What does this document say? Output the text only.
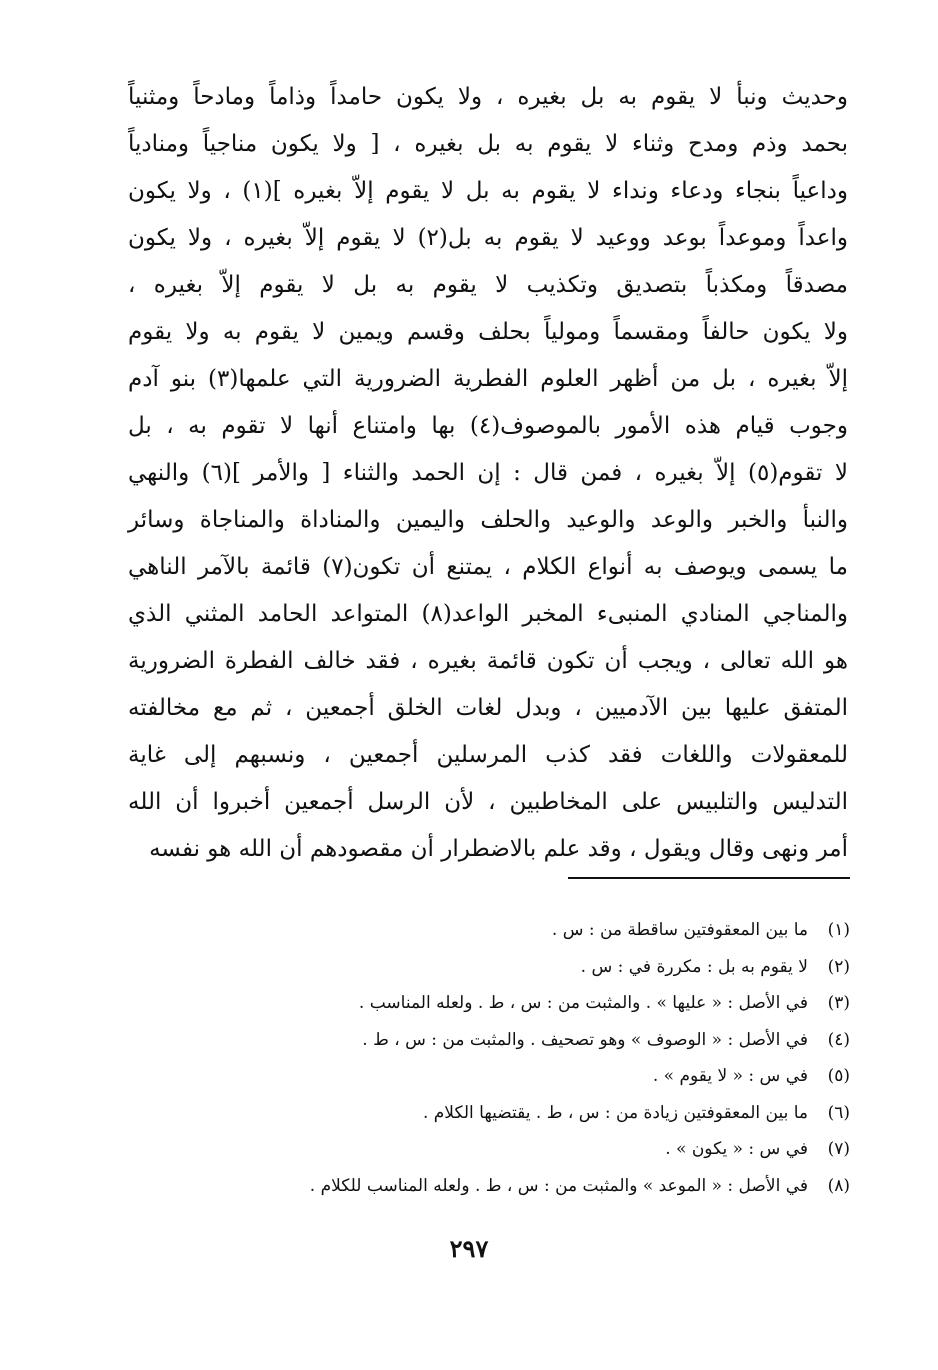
وحديث ونبأ لا يقوم به بل بغيره ، ولا يكون حامداً وذاماً ومادحاً ومثنياً
بحمد وذم ومدح وثناء لا يقوم به بل بغيره ، [ ولا يكون مناجياً ومنادياً
وداعياً بنجاء ودعاء ونداء لا يقوم به بل لا يقوم إلاّ بغيره ](١) ، ولا يكون
واعداً وموعداً بوعد ووعيد لا يقوم به بل(٢) لا يقوم إلاّ بغيره ، ولا يكون
مصدقاً ومكذباً بتصديق وتكذيب لا يقوم به بل لا يقوم إلاّ بغيره ،
ولا يكون حالفاً ومقسماً ومولياً بحلف وقسم ويمين لا يقوم به ولا يقوم
إلاّ بغيره ، بل من أظهر العلوم الفطرية الضرورية التي علمها(٣) بنو آدم
وجوب قيام هذه الأمور بالموصوف(٤) بها وامتناع أنها لا تقوم به ، بل
لا تقوم(٥) إلاّ بغيره ، فمن قال : إن الحمد والثناء [ والأمر ](٦) والنهي
والنبأ والخبر والوعد والوعيد والحلف واليمين والمناداة والمناجاة وسائر
ما يسمى ويوصف به أنواع الكلام ، يمتنع أن تكون(٧) قائمة بالآمر الناهي
والمناجي المنادي المنبىء المخبر الواعد(٨) المتواعد الحامد المثني الذي
هو الله تعالى ، ويجب أن تكون قائمة بغيره ، فقد خالف الفطرة الضرورية
المتفق عليها بين الآدميين ، وبدل لغات الخلق أجمعين ، ثم مع مخالفته
للمعقولات واللغات فقد كذب المرسلين أجمعين ، ونسبهم إلى غاية
التدليس والتلبيس على المخاطبين ، لأن الرسل أجمعين أخبروا أن الله
أمر ونهى وقال ويقول ، وقد علم بالاضطرار أن مقصودهم أن الله هو نفسه
(١)
ما بين المعقوفتين ساقطة من : س .
(٢)
لا يقوم به بل : مكررة في : س .
(٣)
في الأصل : « عليها » . والمثبت من : س ، ط . ولعله المناسب .
(٤)
في الأصل : « الوصوف » وهو تصحيف . والمثبت من : س ، ط .
(٥)
في س : « لا يقوم » .
(٦)
ما بين المعقوفتين زيادة من : س ، ط . يقتضيها الكلام .
(٧)
في س : « يكون » .
(٨)
في الأصل : « الموعد » والمثبت من : س ، ط . ولعله المناسب للكلام .
٢٩٧
